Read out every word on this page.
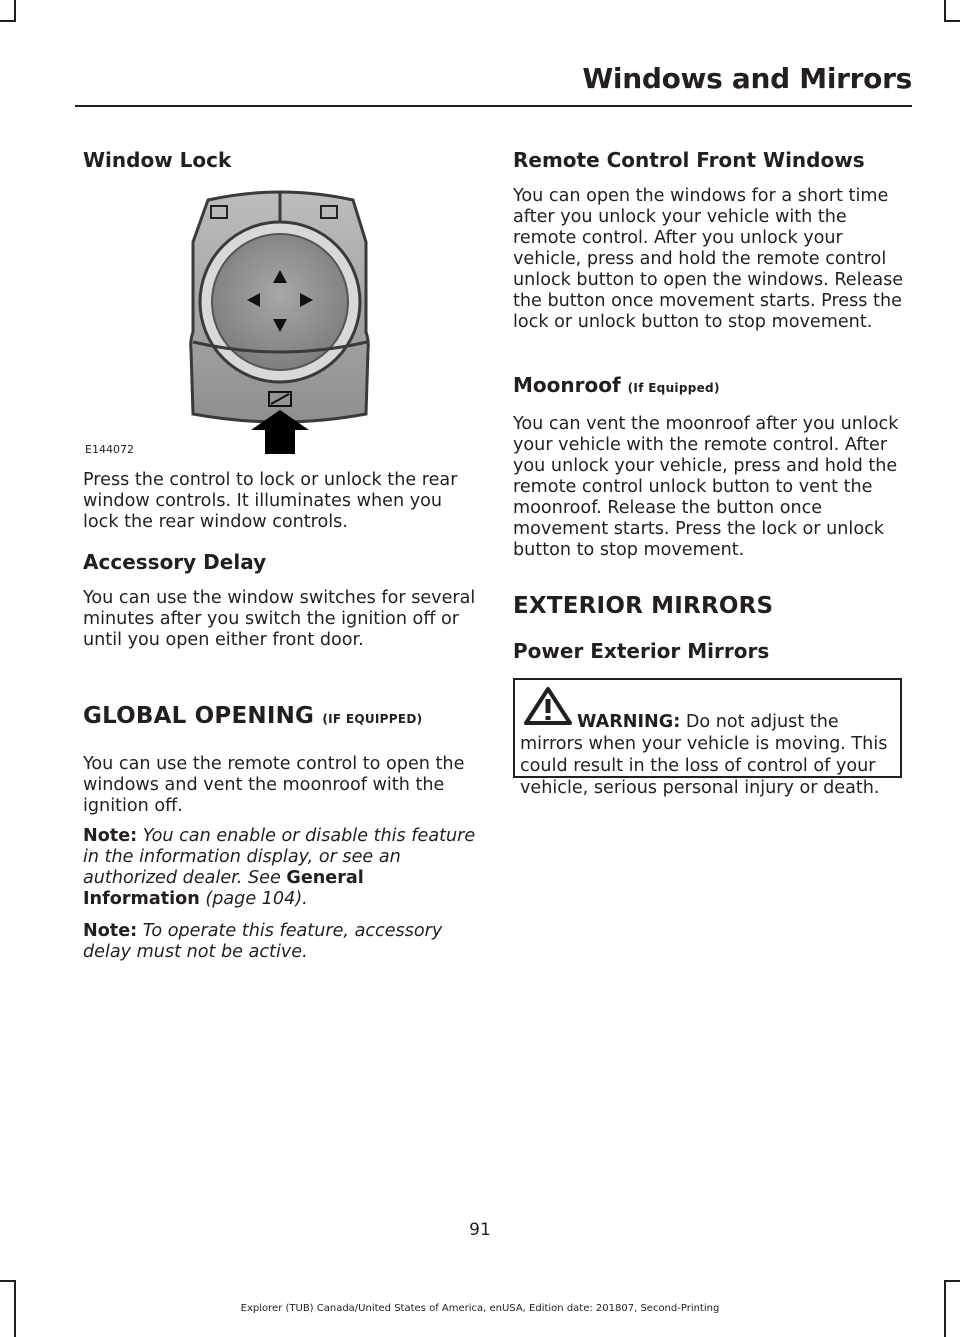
Windows and Mirrors
Window Lock
E144072
Press the control to lock or unlock the rear window controls. It illuminates when you lock the rear window controls.
Accessory Delay
You can use the window switches for several minutes after you switch the ignition off or until you open either front door.
GLOBAL OPENING (IF EQUIPPED)
You can use the remote control to open the windows and vent the moonroof with the ignition off.
Note: You can enable or disable this feature in the information display, or see an authorized dealer. See General Information (page 104).
Note: To operate this feature, accessory delay must not be active.
Remote Control Front Windows
You can open the windows for a short time after you unlock your vehicle with the remote control. After you unlock your vehicle, press and hold the remote control unlock button to open the windows. Release the button once movement starts. Press the lock or unlock button to stop movement.
Moonroof (If Equipped)
You can vent the moonroof after you unlock your vehicle with the remote control. After you unlock your vehicle, press and hold the remote control unlock button to vent the moonroof. Release the button once movement starts. Press the lock or unlock button to stop movement.
EXTERIOR MIRRORS
Power Exterior Mirrors
WARNING: Do not adjust the mirrors when your vehicle is moving. This could result in the loss of control of your vehicle, serious personal injury or death.
91
Explorer (TUB) Canada/United States of America, enUSA, Edition date: 201807, Second-Printing
